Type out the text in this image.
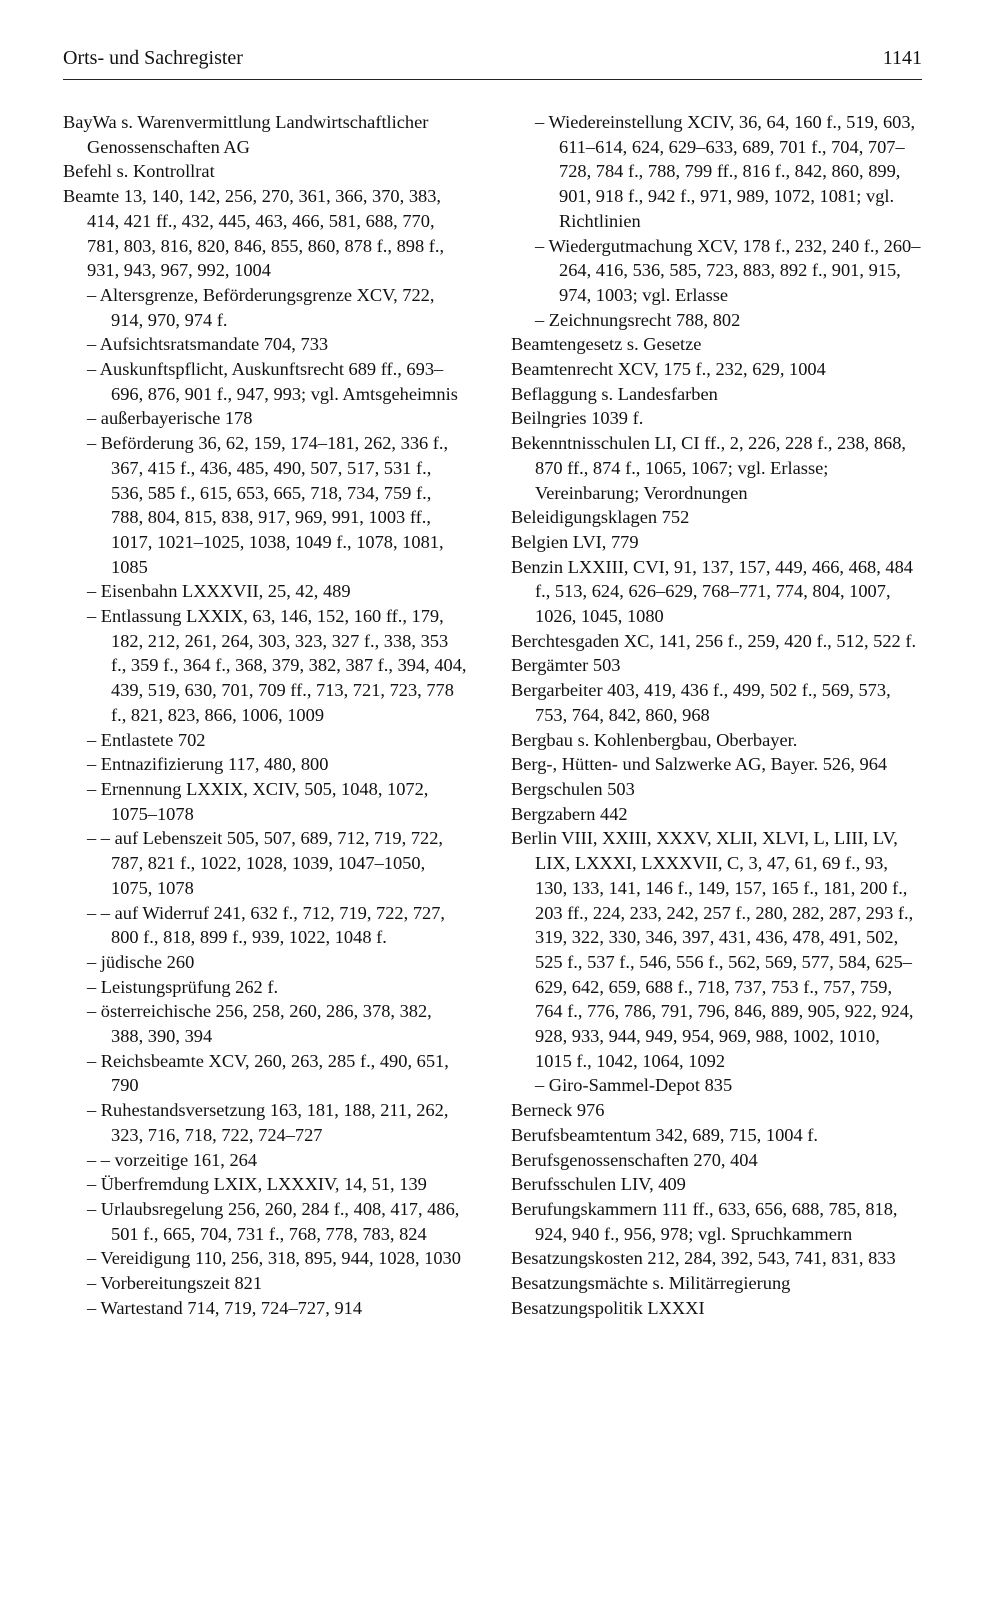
Orts- und Sachregister	1141
BayWa s. Warenvermittlung Landwirtschaftlicher Genossenschaften AG
Befehl s. Kontrollrat
Beamte 13, 140, 142, 256, 270, 361, 366, 370, 383, 414, 421 ff., 432, 445, 463, 466, 581, 688, 770, 781, 803, 816, 820, 846, 855, 860, 878 f., 898 f., 931, 943, 967, 992, 1004
– Altersgrenze, Beförderungsgrenze XCV, 722, 914, 970, 974 f.
– Aufsichtsratsmandate 704, 733
– Auskunftspflicht, Auskunftsrecht 689 ff., 693–696, 876, 901 f., 947, 993; vgl. Amtsgeheimnis
– außerbayerische 178
– Beförderung 36, 62, 159, 174–181, 262, 336 f., 367, 415 f., 436, 485, 490, 507, 517, 531 f., 536, 585 f., 615, 653, 665, 718, 734, 759 f., 788, 804, 815, 838, 917, 969, 991, 1003 ff., 1017, 1021–1025, 1038, 1049 f., 1078, 1081, 1085
– Eisenbahn LXXXVII, 25, 42, 489
– Entlassung LXXIX, 63, 146, 152, 160 ff., 179, 182, 212, 261, 264, 303, 323, 327 f., 338, 353 f., 359 f., 364 f., 368, 379, 382, 387 f., 394, 404, 439, 519, 630, 701, 709 ff., 713, 721, 723, 778 f., 821, 823, 866, 1006, 1009
– Entlastete 702
– Entnazifizierung 117, 480, 800
– Ernennung LXXIX, XCIV, 505, 1048, 1072, 1075–1078
– – auf Lebenszeit 505, 507, 689, 712, 719, 722, 787, 821 f., 1022, 1028, 1039, 1047–1050, 1075, 1078
– – auf Widerruf 241, 632 f., 712, 719, 722, 727, 800 f., 818, 899 f., 939, 1022, 1048 f.
– jüdische 260
– Leistungsprüfung 262 f.
– österreichische 256, 258, 260, 286, 378, 382, 388, 390, 394
– Reichsbeamte XCV, 260, 263, 285 f., 490, 651, 790
– Ruhestandsversetzung 163, 181, 188, 211, 262, 323, 716, 718, 722, 724–727
– – vorzeitige 161, 264
– Überfremdung LXIX, LXXXIV, 14, 51, 139
– Urlaubsregelung 256, 260, 284 f., 408, 417, 486, 501 f., 665, 704, 731 f., 768, 778, 783, 824
– Vereidigung 110, 256, 318, 895, 944, 1028, 1030
– Vorbereitungszeit 821
– Wartestand 714, 719, 724–727, 914
– Wiedereinstellung XCIV, 36, 64, 160 f., 519, 603, 611–614, 624, 629–633, 689, 701 f., 704, 707–728, 784 f., 788, 799 ff., 816 f., 842, 860, 899, 901, 918 f., 942 f., 971, 989, 1072, 1081; vgl. Richtlinien
– Wiedergutmachung XCV, 178 f., 232, 240 f., 260–264, 416, 536, 585, 723, 883, 892 f., 901, 915, 974, 1003; vgl. Erlasse
– Zeichnungsrecht 788, 802
Beamtengesetz s. Gesetze
Beamtenrecht XCV, 175 f., 232, 629, 1004
Beflaggung s. Landesfarben
Beilngries 1039 f.
Bekenntnisschulen LI, CI ff., 2, 226, 228 f., 238, 868, 870 ff., 874 f., 1065, 1067; vgl. Erlasse; Vereinbarung; Verordnungen
Beleidigungsklagen 752
Belgien LVI, 779
Benzin LXXIII, CVI, 91, 137, 157, 449, 466, 468, 484 f., 513, 624, 626–629, 768–771, 774, 804, 1007, 1026, 1045, 1080
Berchtesgaden XC, 141, 256 f., 259, 420 f., 512, 522 f.
Bergämter 503
Bergarbeiter 403, 419, 436 f., 499, 502 f., 569, 573, 753, 764, 842, 860, 968
Bergbau s. Kohlenbergbau, Oberbayer.
Berg-, Hütten- und Salzwerke AG, Bayer. 526, 964
Bergschulen 503
Bergzabern 442
Berlin VIII, XXIII, XXXV, XLII, XLVI, L, LIII, LV, LIX, LXXXI, LXXXVII, C, 3, 47, 61, 69 f., 93, 130, 133, 141, 146 f., 149, 157, 165 f., 181, 200 f., 203 ff., 224, 233, 242, 257 f., 280, 282, 287, 293 f., 319, 322, 330, 346, 397, 431, 436, 478, 491, 502, 525 f., 537 f., 546, 556 f., 562, 569, 577, 584, 625–629, 642, 659, 688 f., 718, 737, 753 f., 757, 759, 764 f., 776, 786, 791, 796, 846, 889, 905, 922, 924, 928, 933, 944, 949, 954, 969, 988, 1002, 1010, 1015 f., 1042, 1064, 1092
– Giro-Sammel-Depot 835
Berneck 976
Berufsbeamtentum 342, 689, 715, 1004 f.
Berufsgenossenschaften 270, 404
Berufsschulen LIV, 409
Berufungskammern 111 ff., 633, 656, 688, 785, 818, 924, 940 f., 956, 978; vgl. Spruchkammern
Besatzungskosten 212, 284, 392, 543, 741, 831, 833
Besatzungsmächte s. Militärregierung
Besatzungspolitik LXXXI
